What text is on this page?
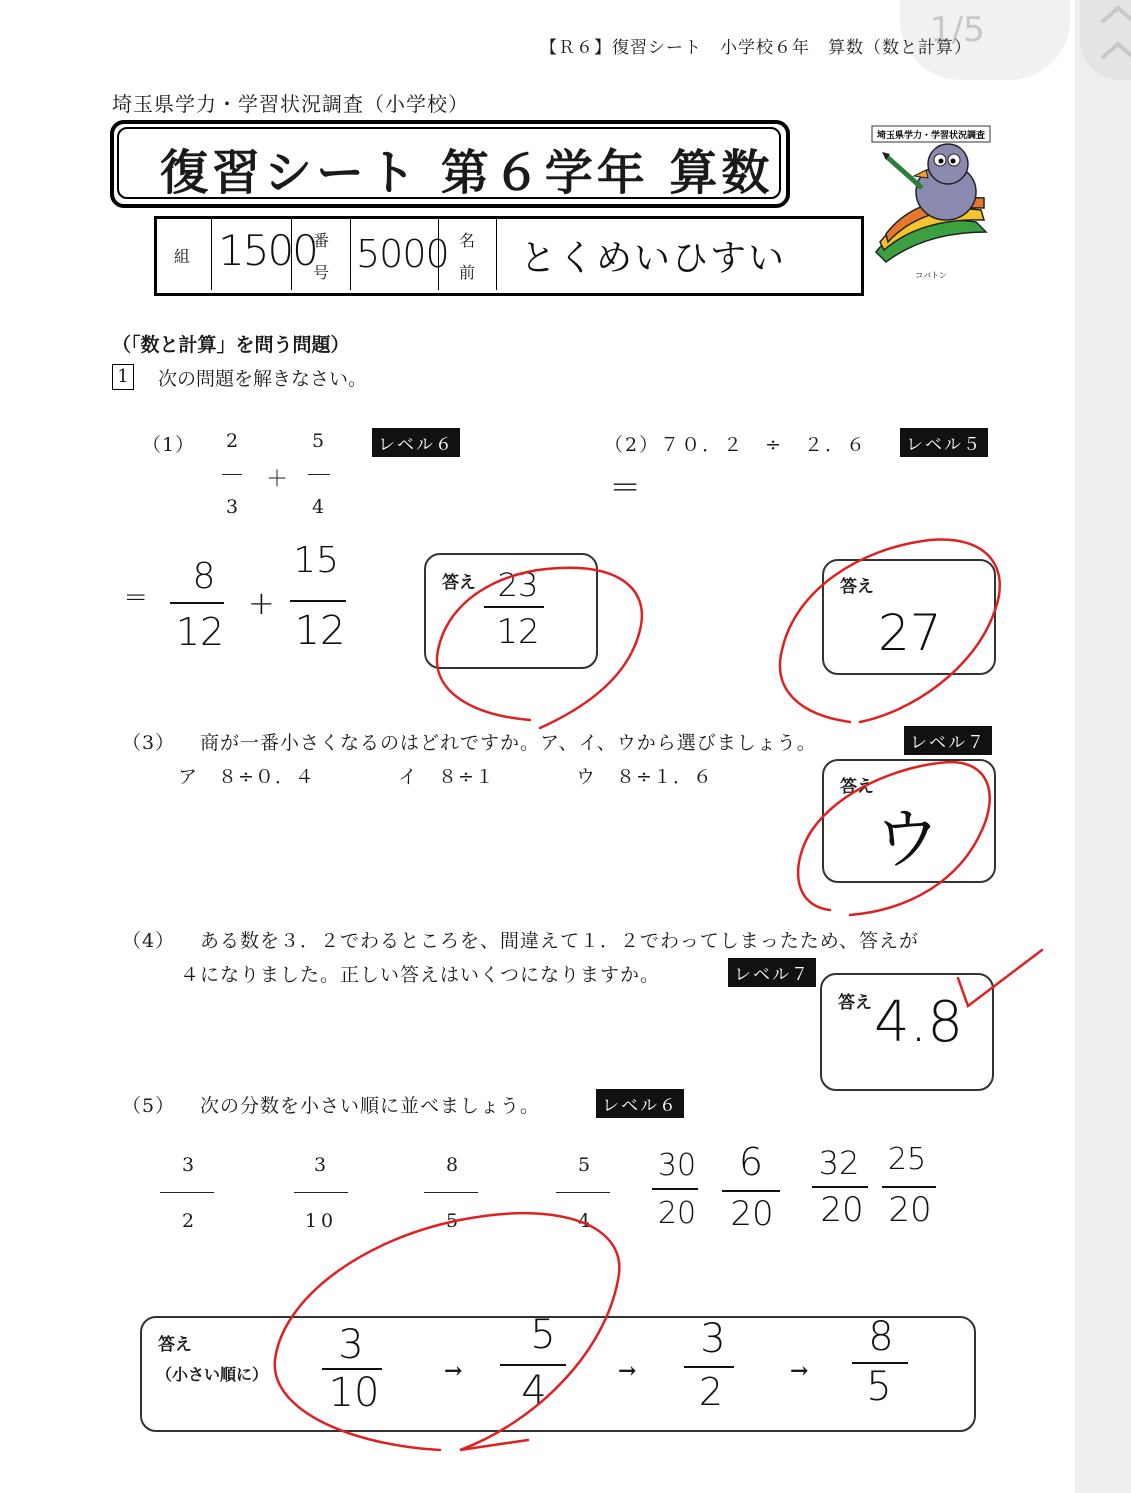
1/5
【Ｒ６】復習シート　小学校６年　算数（数と計算）
埼玉県学力・学習状況調査（小学校）
復習シート 第６学年 算数
組 1500
番
号 5000 名
前 とくめいひすい
埼玉県学力・学習状況調査
コバトン
（「数と計算」を問う問題）
1 次の問題を解きなさい。
（1） 2
3
＋
5
4
レベル６
= 8
12
+
15
12
答え 23
12
（2）７０．２　÷　２．６	レベル５
=
答え
27
（3） 商が一番小さくなるのはどれですか。ア、イ、ウから選びましょう。	レベル７
ア　８÷０．４	イ　８÷１	ウ　８÷１．６	答え
ウ
（4） ある数を３．２でわるところを、間違えて１．２でわってしまったため、答えが
４になりました。正しい答えはいくつになりますか。	レベル７
答え 4.8
（5） 次の分数を小さい順に並べましょう。	レベル６
3
2
3
10
8
5
5
4
30
20
6
20
32
20
25
20
答え
（小さい順に）
3
10	→
5
4	→
3
2	→
8
5
